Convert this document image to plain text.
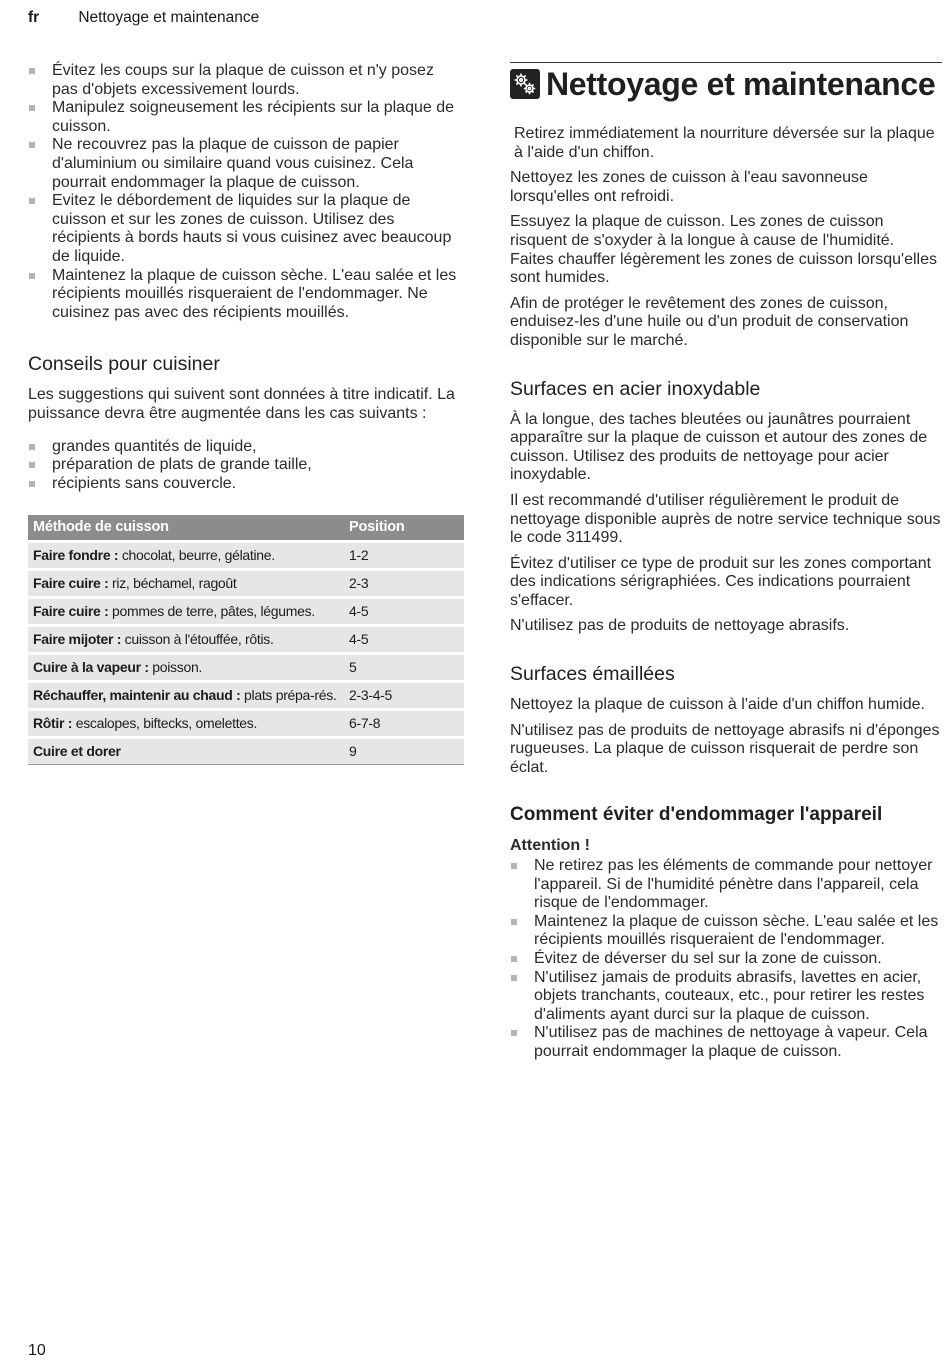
fr	Nettoyage et maintenance
Évitez les coups sur la plaque de cuisson et n'y posez pas d'objets excessivement lourds.
Manipulez soigneusement les récipients sur la plaque de cuisson.
Ne recouvrez pas la plaque de cuisson de papier d'aluminium ou similaire quand vous cuisinez. Cela pourrait endommager la plaque de cuisson.
Evitez le débordement de liquides sur la plaque de cuisson et sur les zones de cuisson. Utilisez des récipients à bords hauts si vous cuisinez avec beaucoup de liquide.
Maintenez la plaque de cuisson sèche. L'eau salée et les récipients mouillés risqueraient de l'endommager. Ne cuisinez pas avec des récipients mouillés.
Conseils pour cuisiner

Les suggestions qui suivent sont données à titre indicatif. La puissance devra être augmentée dans les cas suivants :

grandes quantités de liquide,
préparation de plats de grande taille,
récipients sans couvercle.
Méthode de cuisson	Position
Faire fondre : chocolat, beurre, gélatine.	1-2
Faire cuire : riz, béchamel, ragoût	2-3
Faire cuire : pommes de terre, pâtes, légumes.	4-5
Faire mijoter : cuisson à l'étouffée, rôtis.	4-5
Cuire à la vapeur : poisson.	5
Réchauffer, maintenir au chaud : plats prépa-rés.	2-3-4-5
Rôtir : escalopes, biftecks, omelettes.	6-7-8
Cuire et dorer	9
Nettoyage et maintenance

Retirez immédiatement la nourriture déversée sur la plaque à l'aide d'un chiffon.

Nettoyez les zones de cuisson à l'eau savonneuse lorsqu'elles ont refroidi.

Essuyez la plaque de cuisson. Les zones de cuisson risquent de s'oxyder à la longue à cause de l'humidité. Faites chauffer légèrement les zones de cuisson lorsqu'elles sont humides.

Afin de protéger le revêtement des zones de cuisson, enduisez-les d'une huile ou d'un produit de conservation disponible sur le marché.

Surfaces en acier inoxydable

À la longue, des taches bleutées ou jaunâtres pourraient apparaître sur la plaque de cuisson et autour des zones de cuisson. Utilisez des produits de nettoyage pour acier inoxydable.

Il est recommandé d'utiliser régulièrement le produit de nettoyage disponible auprès de notre service technique sous le code 311499.

Évitez d'utiliser ce type de produit sur les zones comportant des indications sérigraphiées. Ces indications pourraient s'effacer.

N'utilisez pas de produits de nettoyage abrasifs.

Surfaces émaillées

Nettoyez la plaque de cuisson à l'aide d'un chiffon humide.

N'utilisez pas de produits de nettoyage abrasifs ni d'éponges rugueuses. La plaque de cuisson risquerait de perdre son éclat.

Comment éviter d'endommager l'appareil
Attention !
Ne retirez pas les éléments de commande pour nettoyer l'appareil. Si de l'humidité pénètre dans l'appareil, cela risque de l'endommager.
Maintenez la plaque de cuisson sèche. L'eau salée et les récipients mouillés risqueraient de l'endommager.
Évitez de déverser du sel sur la zone de cuisson.
N'utilisez jamais de produits abrasifs, lavettes en acier, objets tranchants, couteaux, etc., pour retirer les restes d'aliments ayant durci sur la plaque de cuisson.
N'utilisez pas de machines de nettoyage à vapeur. Cela pourrait endommager la plaque de cuisson.
10
